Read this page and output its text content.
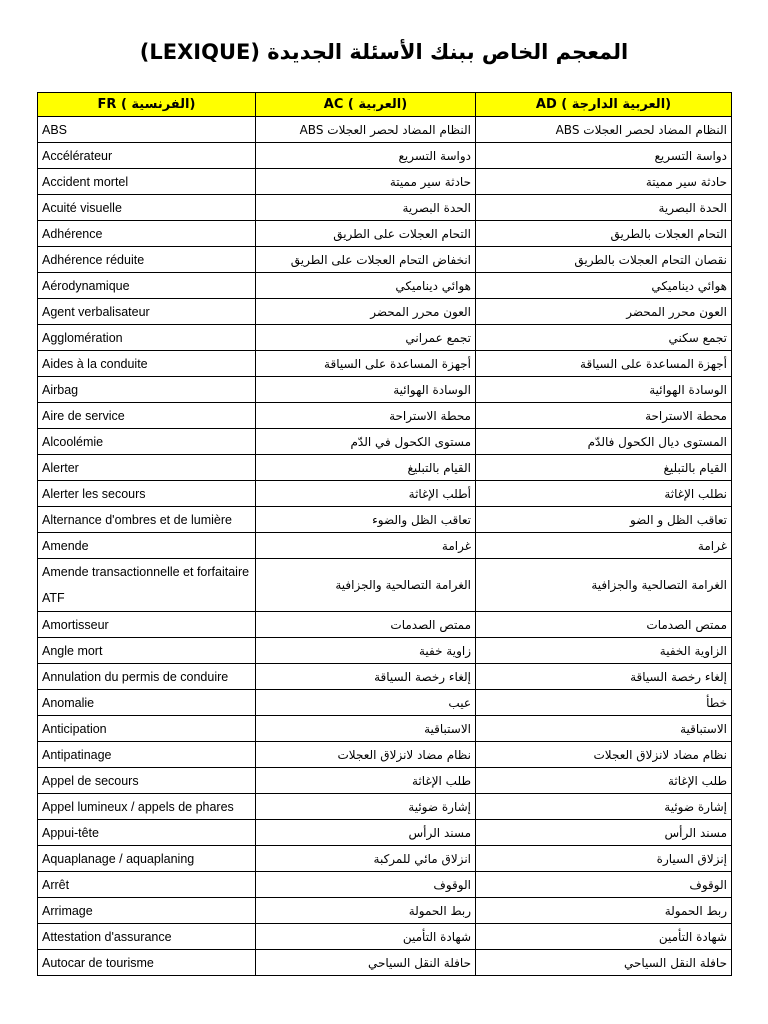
المعجم الخاص ببنك الأسئلة الجديدة (LEXIQUE)
FR ( الفرنسية)	AC ( العربية)	AD ( العربية الدارجة)
ABS	النظام المضاد لحصر العجلات ABS	النظام المضاد لحصر العجلات ABS
Accélérateur	دواسة التسريع	دواسة التسريع
Accident mortel	حادثة سير مميتة	حادثة سير مميتة
Acuité visuelle	الحدة البصرية	الحدة البصرية
Adhérence	التحام العجلات على الطريق	التحام العجلات بالطريق
Adhérence réduite	انخفاض التحام العجلات على الطريق	نقصان التحام العجلات بالطريق
Aérodynamique	هوائي ديناميكي	هوائي ديناميكي
Agent verbalisateur	العون محرر المحضر	العون محرر المحضر
Agglomération	تجمع عمراني	تجمع سكني
Aides à la conduite	أجهزة المساعدة على السياقة	أجهزة المساعدة على السياقة
Airbag	الوسادة الهوائية	الوسادة الهوائية
Aire de service	محطة الاستراحة	محطة الاستراحة
Alcoolémie	مستوى الكحول في الدّم	المستوى ديال الكحول فالدّم
Alerter	القيام بالتبليغ	القيام بالتبليغ
Alerter les secours	أطلب الإغاثة	نطلب الإغاثة
Alternance d'ombres et de lumière	تعاقب الظل والضوء	تعاقب الظل و الضو
Amende	غرامة	غرامة
Amende transactionnelle et forfaitaire ATF	الغرامة التصالحية والجزافية	الغرامة التصالحية والجزافية
Amortisseur	ممتص الصدمات	ممتص الصدمات
Angle mort	زاوية خفية	الزاوية الخفية
Annulation du permis de conduire	إلغاء رخصة السياقة	إلغاء رخصة السياقة
Anomalie	عيب	خطأ
Anticipation	الاستباقية	الاستباقية
Antipatinage	نظام مضاد لانزلاق العجلات	نظام مضاد لانزلاق العجلات
Appel de secours	طلب الإغاثة	طلب الإغاثة
Appel lumineux / appels de phares	إشارة ضوئية	إشارة ضوئية
Appui-tête	مسند الرأس	مسند الرأس
Aquaplanage / aquaplaning	انزلاق مائي للمركبة	إنزلاق السيارة
Arrêt	الوقوف	الوقوف
Arrimage	ربط الحمولة	ربط الحمولة
Attestation d'assurance	شهادة التأمين	شهادة التأمين
Autocar de tourisme	حافلة النقل السياحي	حافلة النقل السياحي
